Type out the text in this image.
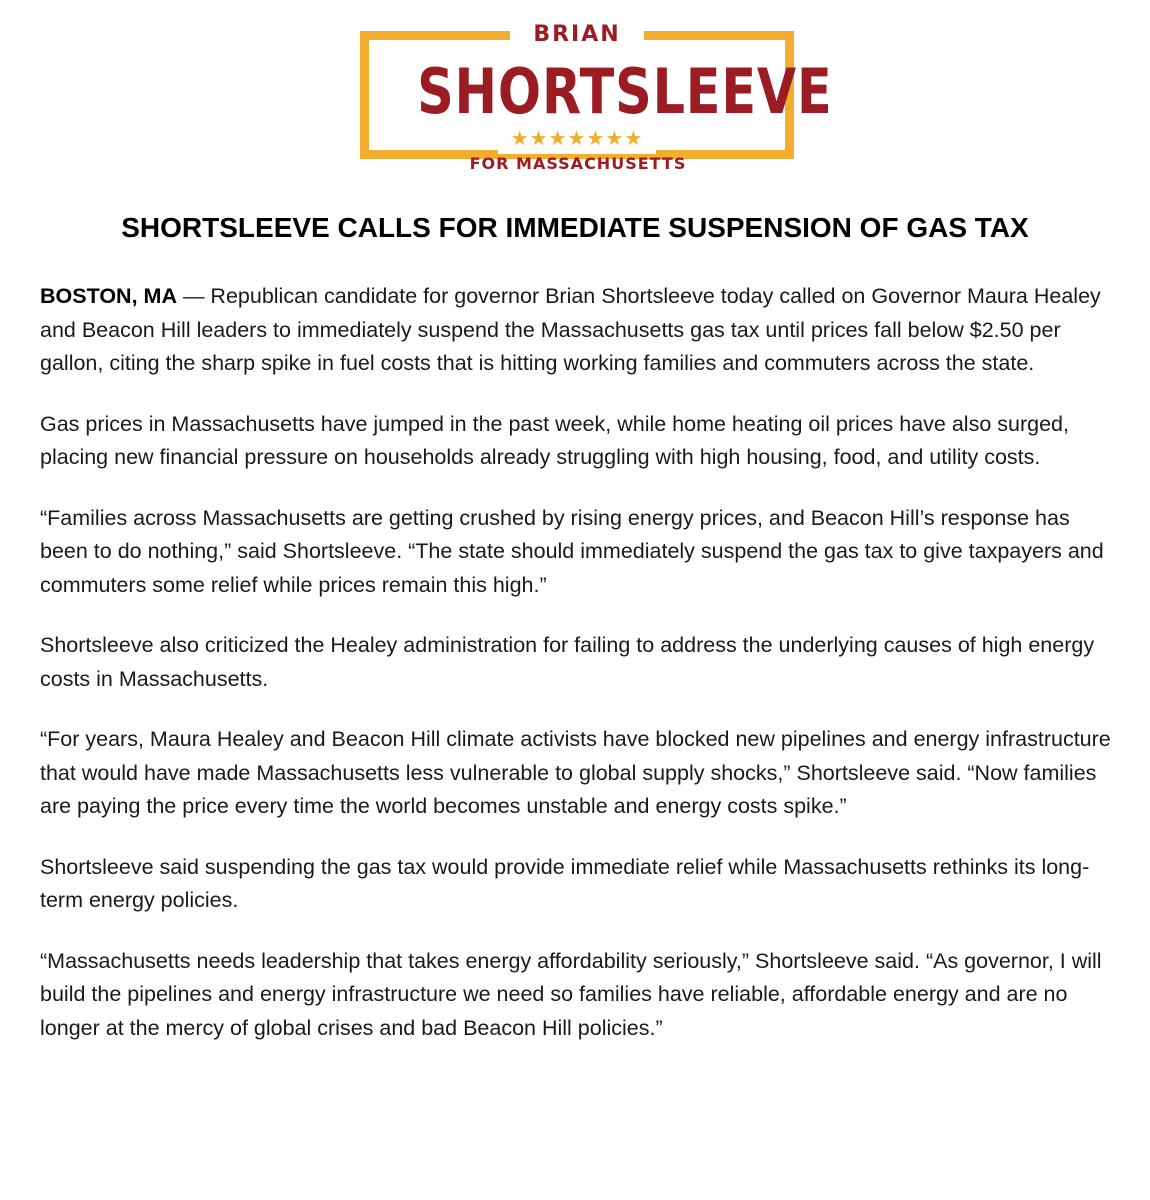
BRIAN
SHORTSLEEVE
★★★★★★★
FOR MASSACHUSETTS
SHORTSLEEVE CALLS FOR IMMEDIATE SUSPENSION OF GAS TAX

BOSTON, MA — Republican candidate for governor Brian Shortsleeve today called on Governor Maura Healey and Beacon Hill leaders to immediately suspend the Massachusetts gas tax until prices fall below $2.50 per gallon, citing the sharp spike in fuel costs that is hitting working families and commuters across the state.

Gas prices in Massachusetts have jumped in the past week, while home heating oil prices have also surged, placing new financial pressure on households already struggling with high housing, food, and utility costs.

“Families across Massachusetts are getting crushed by rising energy prices, and Beacon Hill’s response has been to do nothing,” said Shortsleeve. “The state should immediately suspend the gas tax to give taxpayers and commuters some relief while prices remain this high.”

Shortsleeve also criticized the Healey administration for failing to address the underlying causes of high energy costs in Massachusetts.

“For years, Maura Healey and Beacon Hill climate activists have blocked new pipelines and energy infrastructure that would have made Massachusetts less vulnerable to global supply shocks,” Shortsleeve said. “Now families are paying the price every time the world becomes unstable and energy costs spike.”

Shortsleeve said suspending the gas tax would provide immediate relief while Massachusetts rethinks its long-term energy policies.

“Massachusetts needs leadership that takes energy affordability seriously,” Shortsleeve said. “As governor, I will build the pipelines and energy infrastructure we need so families have reliable, affordable energy and are no longer at the mercy of global crises and bad Beacon Hill policies.”
